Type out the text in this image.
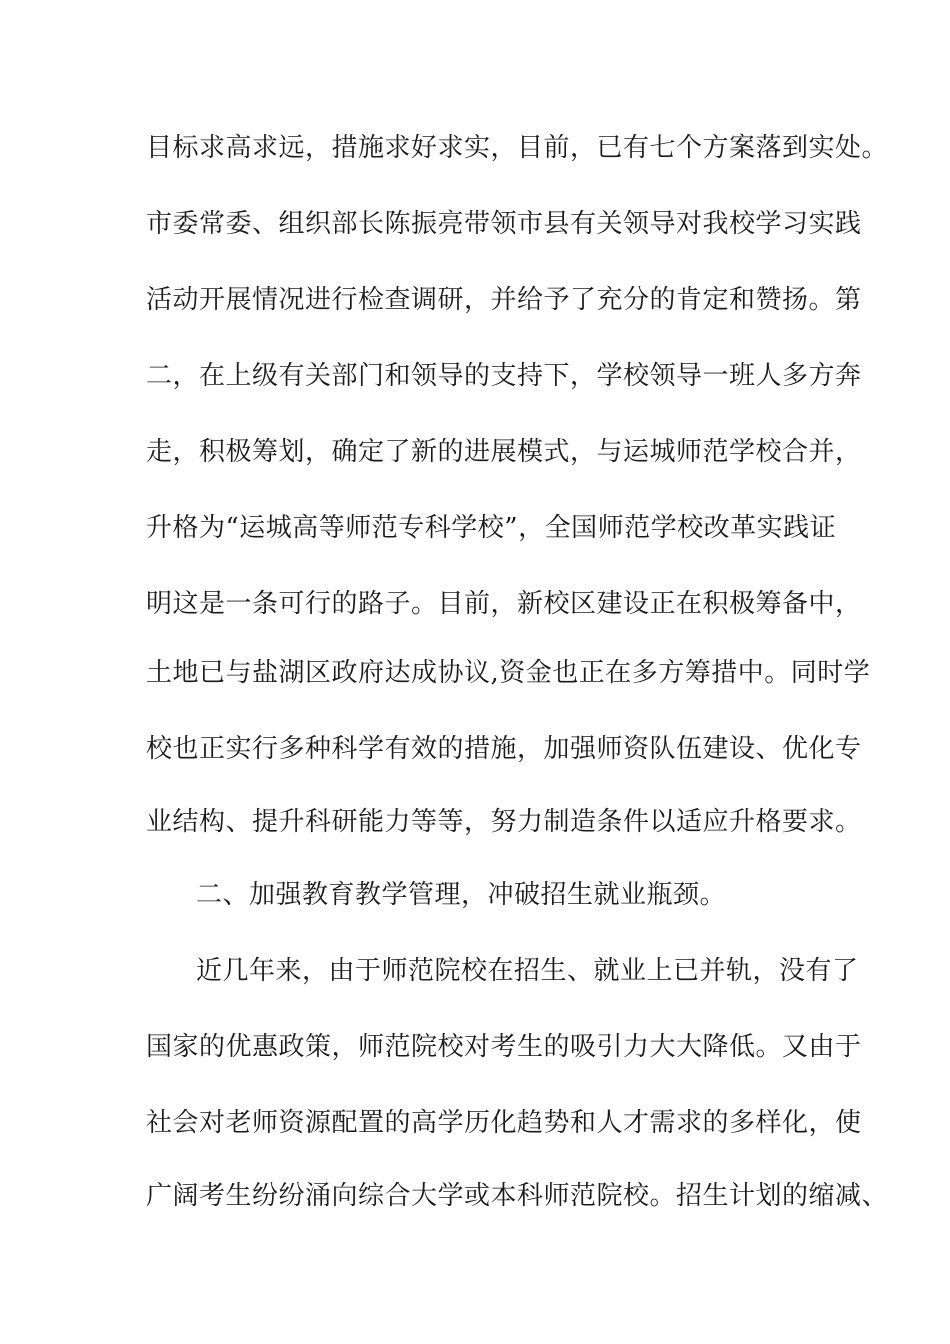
目标求高求远，措施求好求实，目前，已有七个方案落到实处。
市委常委、组织部长陈振亮带领市县有关领导对我校学习实践
活动开展情况进行检查调研，并给予了充分的肯定和赞扬。第
二，在上级有关部门和领导的支持下，学校领导一班人多方奔
走，积极筹划，确定了新的进展模式，与运城师范学校合并，
升格为“运城高等师范专科学校”，全国师范学校改革实践证
明这是一条可行的路子。目前，新校区建设正在积极筹备中，
土地已与盐湖区政府达成协议,资金也正在多方筹措中。同时学
校也正实行多种科学有效的措施，加强师资队伍建设、优化专
业结构、提升科研能力等等，努力制造条件以适应升格要求。
二、加强教育教学管理，冲破招生就业瓶颈。
近几年来，由于师范院校在招生、就业上已并轨，没有了
国家的优惠政策，师范院校对考生的吸引力大大降低。又由于
社会对老师资源配置的高学历化趋势和人才需求的多样化，使
广阔考生纷纷涌向综合大学或本科师范院校。招生计划的缩减、
